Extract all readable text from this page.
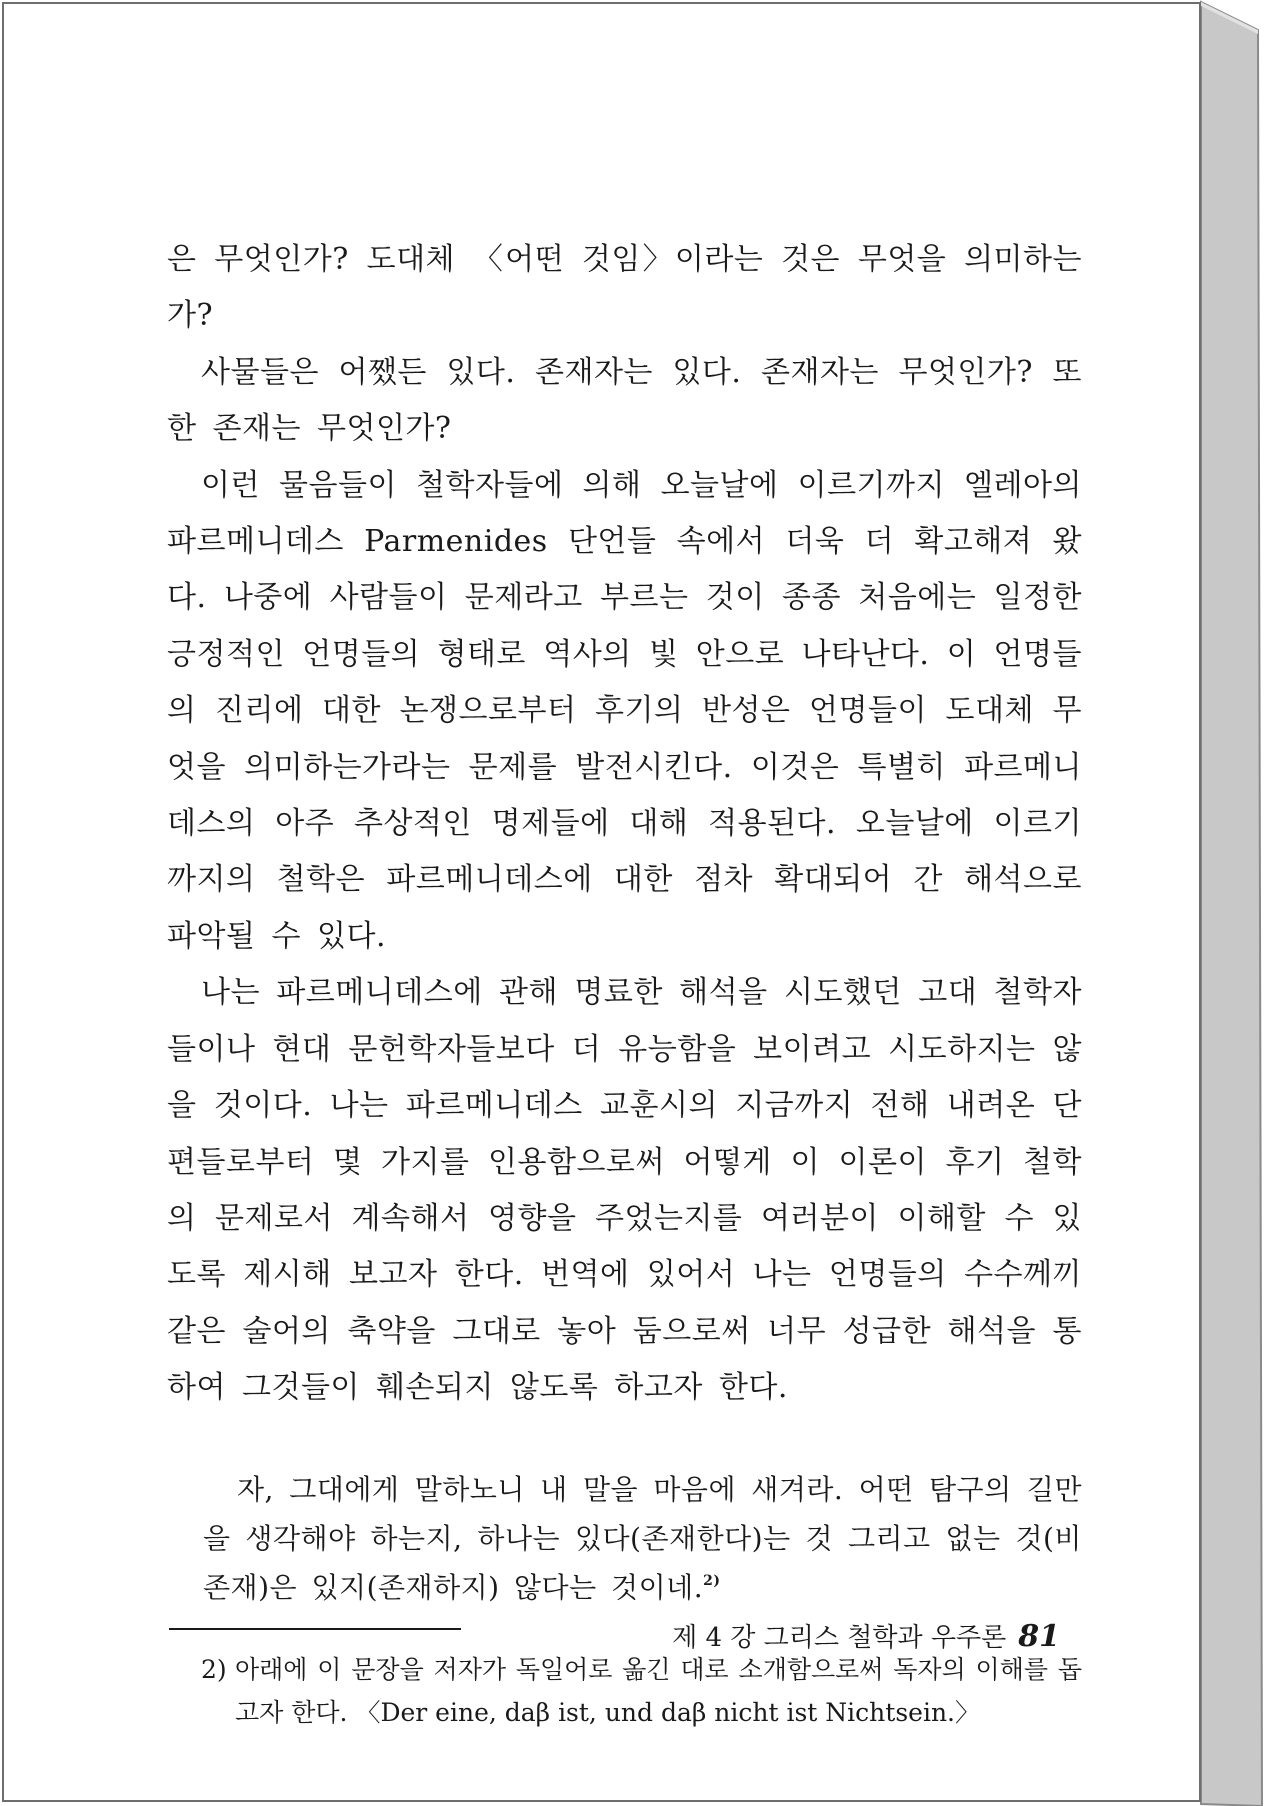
은 무엇인가? 도대체 〈어떤 것임〉이라는 것은 무엇을 의미하는가?

사물들은 어쨌든 있다. 존재자는 있다. 존재자는 무엇인가? 또한 존재는 무엇인가?

이런 물음들이 철학자들에 의해 오늘날에 이르기까지 엘레아의 파르메니데스 Parmenides 단언들 속에서 더욱 더 확고해져 왔다. 나중에 사람들이 문제라고 부르는 것이 종종 처음에는 일정한 긍정적인 언명들의 형태로 역사의 빛 안으로 나타난다. 이 언명들의 진리에 대한 논쟁으로부터 후기의 반성은 언명들이 도대체 무엇을 의미하는가라는 문제를 발전시킨다. 이것은 특별히 파르메니데스의 아주 추상적인 명제들에 대해 적용된다. 오늘날에 이르기까지의 철학은 파르메니데스에 대한 점차 확대되어 간 해석으로 파악될 수 있다.

나는 파르메니데스에 관해 명료한 해석을 시도했던 고대 철학자들이나 현대 문헌학자들보다 더 유능함을 보이려고 시도하지는 않을 것이다. 나는 파르메니데스 교훈시의 지금까지 전해 내려온 단편들로부터 몇 가지를 인용함으로써 어떻게 이 이론이 후기 철학의 문제로서 계속해서 영향을 주었는지를 여러분이 이해할 수 있도록 제시해 보고자 한다. 번역에 있어서 나는 언명들의 수수께끼 같은 술어의 축약을 그대로 놓아 둠으로써 너무 성급한 해석을 통하여 그것들이 훼손되지 않도록 하고자 한다.

자, 그대에게 말하노니 내 말을 마음에 새겨라. 어떤 탐구의 길만을 생각해야 하는지, 하나는 있다(존재한다)는 것 그리고 없는 것(비존재)은 있지(존재하지) 않다는 것이네.$^{2)}$

2) 아래에 이 문장을 저자가 독일어로 옮긴 대로 소개함으로써 독자의 이해를 돕고자 한다. 〈Der eine, daβ ist, und daβ nicht ist Nichtsein.〉

제 4 강 그리스 철학과 우주론 81
